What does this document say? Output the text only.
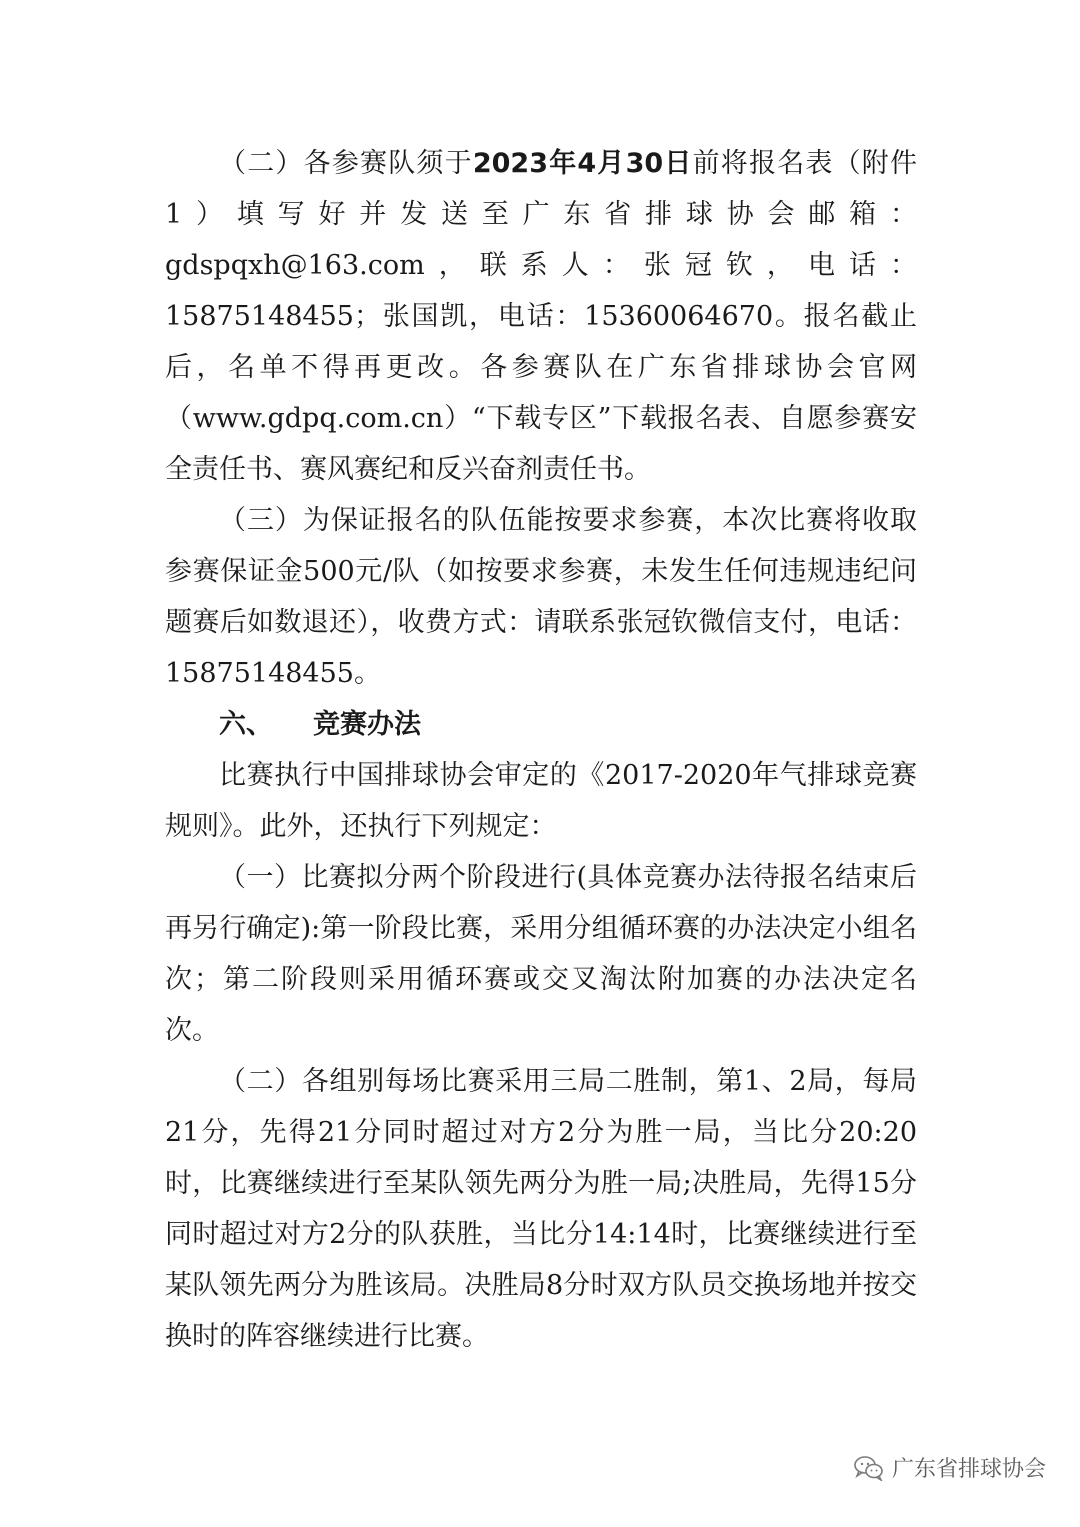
（二）各参赛队须于2023年4月30日前将报名表（附件 1）填写好并发送至广东省排球协会邮箱：gdspqxh@163.com，联系人：张冠钦，电话：15875148455；张国凯，电话：15360064670。报名截止后，名单不得再更改。各参赛队在广东省排球协会官网（www.gdpq.com.cn）“下载专区”下载报名表、自愿参赛安全责任书、赛风赛纪和反兴奋剂责任书。

（三）为保证报名的队伍能按要求参赛，本次比赛将收取参赛保证金500元/队（如按要求参赛，未发生任何违规违纪问题赛后如数退还），收费方式：请联系张冠钦微信支付，电话：15875148455。

六、 竞赛办法

比赛执行中国排球协会审定的《2017-2020年气排球竞赛规则》。此外，还执行下列规定：

（一）比赛拟分两个阶段进行(具体竞赛办法待报名结束后再另行确定):第一阶段比赛，采用分组循环赛的办法决定小组名次；第二阶段则采用循环赛或交叉淘汰附加赛的办法决定名次。

（二）各组别每场比赛采用三局二胜制，第1、2局，每局21分，先得21分同时超过对方2分为胜一局，当比分20:20时，比赛继续进行至某队领先两分为胜一局;决胜局，先得15分同时超过对方2分的队获胜，当比分14:14时，比赛继续进行至某队领先两分为胜该局。决胜局8分时双方队员交换场地并按交换时的阵容继续进行比赛。

广东省排球协会
